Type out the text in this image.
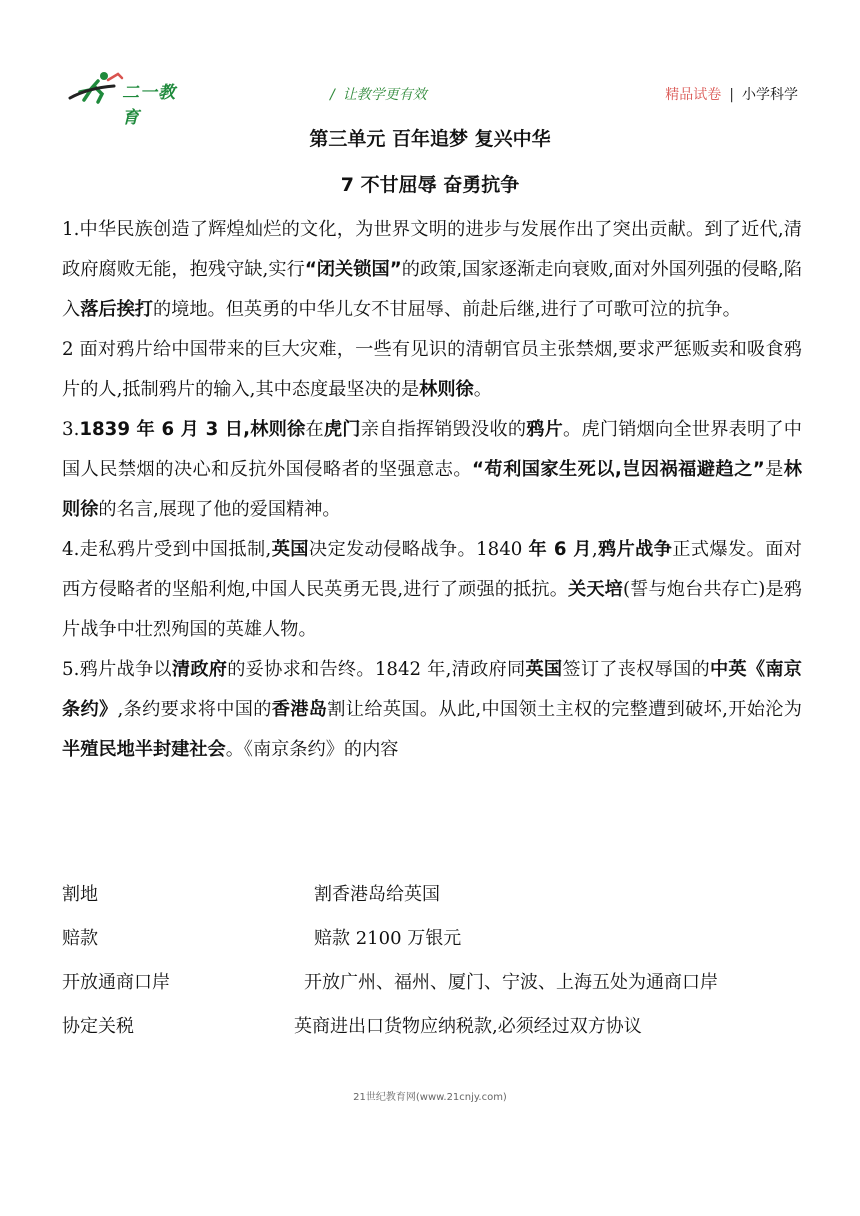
二一教育
/ 让教学更有效	精品试卷 | 小学科学
第三单元 百年追梦 复兴中华
7 不甘屈辱 奋勇抗争

1.中华民族创造了辉煌灿烂的文化，为世界文明的进步与发展作出了突出贡献。到了近代,清政府腐败无能，抱残守缺,实行“闭关锁国”的政策,国家逐渐走向衰败,面对外国列强的侵略,陷入落后挨打的境地。但英勇的中华儿女不甘屈辱、前赴后继,进行了可歌可泣的抗争。

2 面对鸦片给中国带来的巨大灾难，一些有见识的清朝官员主张禁烟,要求严惩贩卖和吸食鸦片的人,抵制鸦片的输入,其中态度最坚决的是林则徐。

3.1839 年 6 月 3 日,林则徐在虎门亲自指挥销毁没收的鸦片。虎门销烟向全世界表明了中国人民禁烟的决心和反抗外国侵略者的坚强意志。“苟利国家生死以,岂因祸福避趋之”是林则徐的名言,展现了他的爱国精神。

4.走私鸦片受到中国抵制,英国决定发动侵略战争。1840 年 6 月,鸦片战争正式爆发。面对西方侵略者的坚船利炮,中国人民英勇无畏,进行了顽强的抵抗。关天培(誓与炮台共存亡)是鸦片战争中壮烈殉国的英雄人物。

5.鸦片战争以清政府的妥协求和告终。1842 年,清政府同英国签订了丧权辱国的中英《南京条约》,条约要求将中国的香港岛割让给英国。从此,中国领土主权的完整遭到破坏,开始沦为半殖民地半封建社会。《南京条约》的内容

割地	割香港岛给英国
赔款	赔款 2100 万银元
开放通商口岸	开放广州、福州、厦门、宁波、上海五处为通商口岸
协定关税	英商进出口货物应纳税款,必须经过双方协议
21世纪教育网(www.21cnjy.com)
